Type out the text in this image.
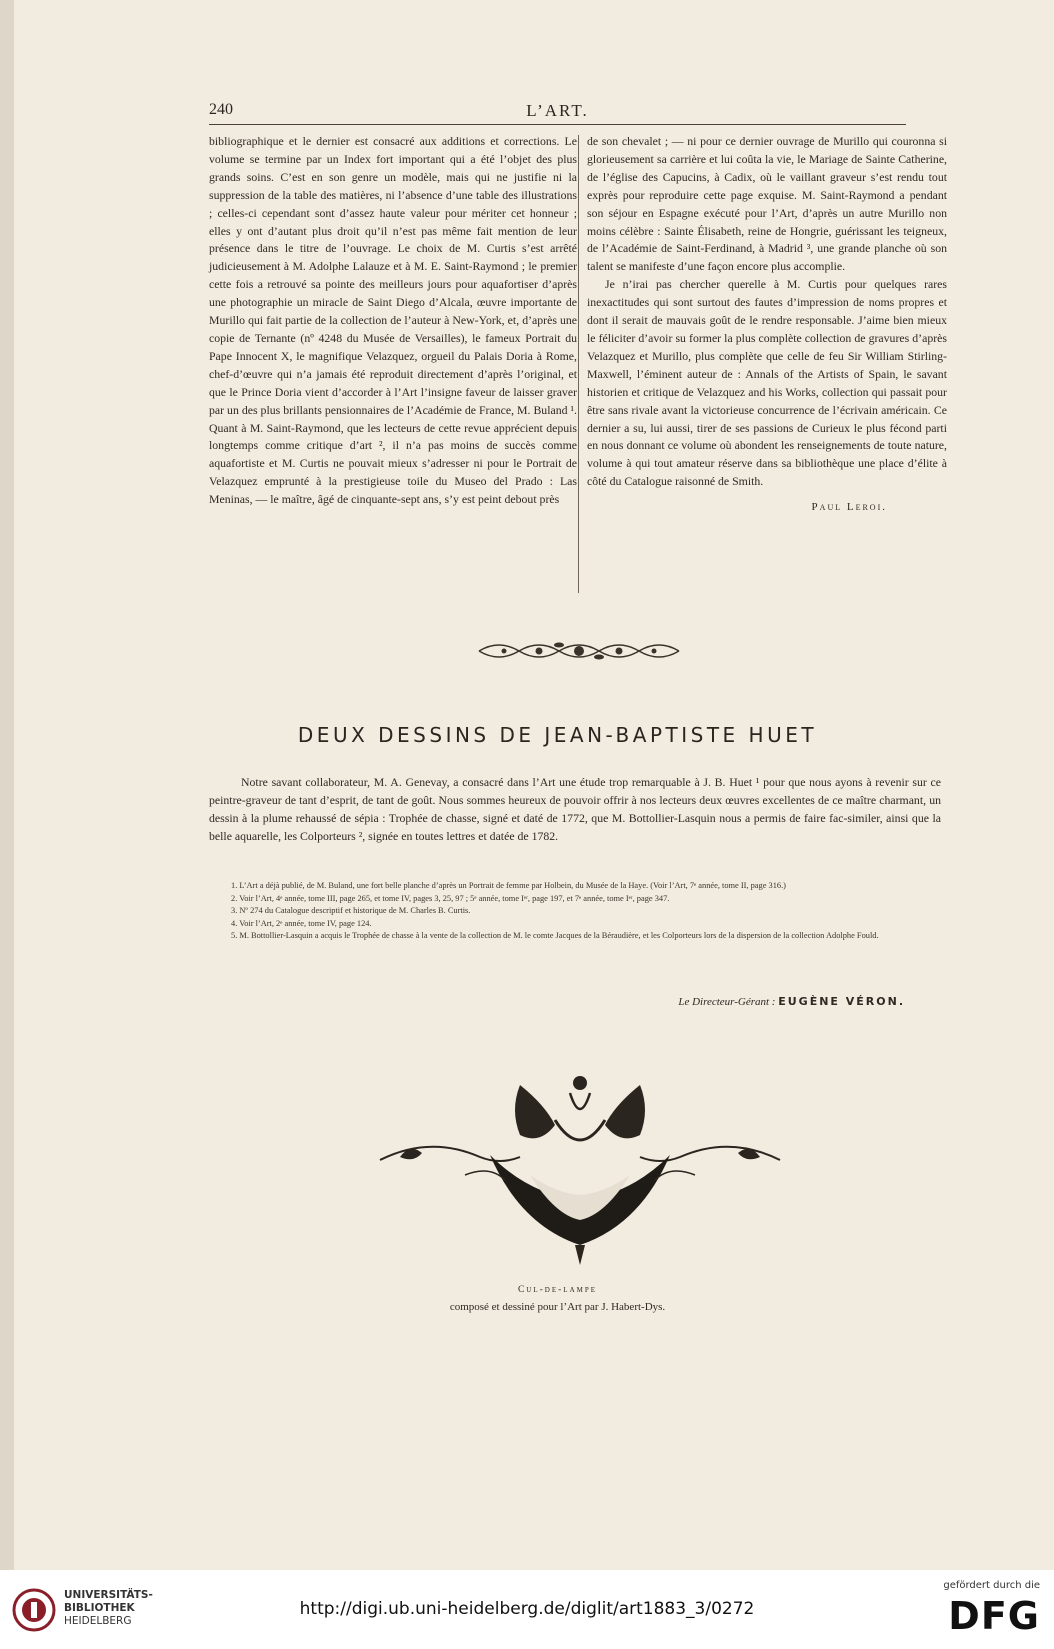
240	L’ART.

bibliographique et le dernier est consacré aux additions et corrections. Le volume se termine par un Index fort important qui a été l’objet des plus grands soins. C’est en son genre un modèle, mais qui ne justifie ni la suppression de la table des matières, ni l’absence d’une table des illustrations ; celles-ci cependant sont d’assez haute valeur pour mériter cet honneur ; elles y ont d’autant plus droit qu’il n’est pas même fait mention de leur présence dans le titre de l’ouvrage. Le choix de M. Curtis s’est arrêté judicieusement à M. Adolphe Lalauze et à M. E. Saint-Raymond ; le premier cette fois a retrouvé sa pointe des meilleurs jours pour aquafortiser d’après une photographie un miracle de Saint Diego d’Alcala, œuvre importante de Murillo qui fait partie de la collection de l’auteur à New-York, et, d’après une copie de Ternante (nº 4248 du Musée de Versailles), le fameux Portrait du Pape Innocent X, le magnifique Velazquez, orgueil du Palais Doria à Rome, chef-d’œuvre qui n’a jamais été reproduit directement d’après l’original, et que le Prince Doria vient d’accorder à l’Art l’insigne faveur de laisser graver par un des plus brillants pensionnaires de l’Académie de France, M. Buland ¹. Quant à M. Saint-Raymond, que les lecteurs de cette revue apprécient depuis longtemps comme critique d’art ², il n’a pas moins de succès comme aquafortiste et M. Curtis ne pouvait mieux s’adresser ni pour le Portrait de Velazquez emprunté à la prestigieuse toile du Museo del Prado : Las Meninas, — le maître, âgé de cinquante-sept ans, s’y est peint debout près

de son chevalet ; — ni pour ce dernier ouvrage de Murillo qui couronna si glorieusement sa carrière et lui coûta la vie, le Mariage de Sainte Catherine, de l’église des Capucins, à Cadix, où le vaillant graveur s’est rendu tout exprès pour reproduire cette page exquise. M. Saint-Raymond a pendant son séjour en Espagne exécuté pour l’Art, d’après un autre Murillo non moins célèbre : Sainte Élisabeth, reine de Hongrie, guérissant les teigneux, de l’Académie de Saint-Ferdinand, à Madrid ³, une grande planche où son talent se manifeste d’une façon encore plus accomplie.

Je n’irai pas chercher querelle à M. Curtis pour quelques rares inexactitudes qui sont surtout des fautes d’impression de noms propres et dont il serait de mauvais goût de le rendre responsable. J’aime bien mieux le féliciter d’avoir su former la plus complète collection de gravures d’après Velazquez et Murillo, plus complète que celle de feu Sir William Stirling-Maxwell, l’éminent auteur de : Annals of the Artists of Spain, le savant historien et critique de Velazquez and his Works, collection qui passait pour être sans rivale avant la victorieuse concurrence de l’écrivain américain. Ce dernier a su, lui aussi, tirer de ses passions de Curieux le plus fécond parti en nous donnant ce volume où abondent les renseignements de toute nature, volume à qui tout amateur réserve dans sa bibliothèque une place d’élite à côté du Catalogue raisonné de Smith.

Paul Leroi.

DEUX DESSINS DE JEAN-BAPTISTE HUET

Notre savant collaborateur, M. A. Genevay, a consacré dans l’Art une étude trop remarquable à J. B. Huet ¹ pour que nous ayons à revenir sur ce peintre-graveur de tant d’esprit, de tant de goût. Nous sommes heureux de pouvoir offrir à nos lecteurs deux œuvres excellentes de ce maître charmant, un dessin à la plume rehaussé de sépia : Trophée de chasse, signé et daté de 1772, que M. Bottollier-Lasquin nous a permis de faire fac-similer, ainsi que la belle aquarelle, les Colporteurs ², signée en toutes lettres et datée de 1782.

1. L’Art a déjà publié, de M. Buland, une fort belle planche d’après un Portrait de femme par Holbein, du Musée de la Haye. (Voir l’Art, 7ᵉ année, tome II, page 316.)

2. Voir l’Art, 4ᵉ année, tome III, page 265, et tome IV, pages 3, 25, 97 ; 5ᵉ année, tome Iᵉʳ, page 197, et 7ᵉ année, tome Iᵉʳ, page 347.

3. Nº 274 du Catalogue descriptif et historique de M. Charles B. Curtis.

4. Voir l’Art, 2ᵉ année, tome IV, page 124.

5. M. Bottollier-Lasquin a acquis le Trophée de chasse à la vente de la collection de M. le comte Jacques de la Béraudière, et les Colporteurs lors de la dispersion de la collection Adolphe Fould.

Le Directeur-Gérant : EUGÈNE VÉRON.
Cul-de-lampe
composé et dessiné pour l’Art par J. Habert-Dys.
UNIVERSITÄTS-
BIBLIOTHEK
HEIDELBERG
http://digi.ub.uni-heidelberg.de/diglit/art1883_3/0272
gefördert durch die
DFG
